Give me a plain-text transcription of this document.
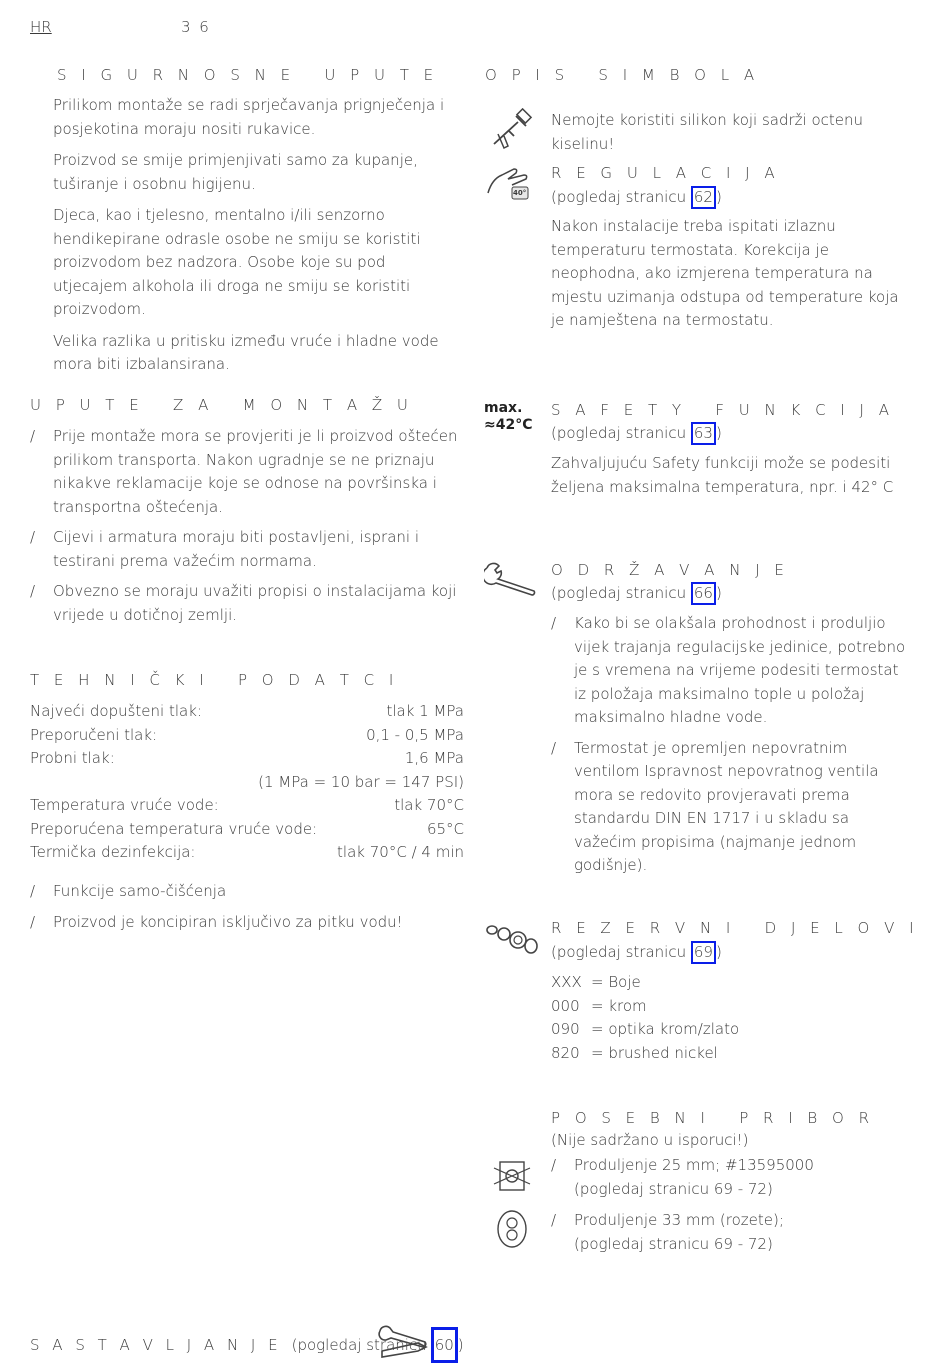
HR	3 6
S I G U R N O S N E   U P U T E

Prilikom montaže se radi sprječavanja prignječenja i posjekotina moraju nositi rukavice.

Proizvod se smije primjenjivati samo za kupanje, tuširanje i osobnu higijenu.

Djeca, kao i tjelesno, mentalno i/ili senzorno hendikepirane odrasle osobe ne smiju se koristiti proizvodom bez nadzora. Osobe koje su pod utjecajem alkohola ili droga ne smiju se koristiti proizvodom.

Velika razlika u pritisku između vruće i hladne vode mora biti izbalansirana.

U P U T E   Z A   M O N T A Ž U
/ Prije montaže mora se provjeriti je li proizvod oštećen prilikom transporta. Nakon ugradnje se ne priznaju nikakve reklamacije koje se odnose na površinska i transportna oštećenja.
/ Cijevi i armatura moraju biti postavljeni, isprani i testirani prema važećim normama.
/ Obvezno se moraju uvažiti propisi o instalacijama koji vrijede u dotičnoj zemlji.
T E H N I Č K I   P O D A T C I
Najveći dopušteni tlak:	tlak 1 MPa
Preporučeni tlak:	0,1 - 0,5 MPa
Probni tlak:	1,6 MPa
(1 MPa = 10 bar = 147 PSI)
Temperatura vruće vode:	tlak 70°C
Preporućena temperatura vruće vode:	65°C
Termička dezinfekcija:	tlak 70°C / 4 min
/ Funkcije samo-čišćenja
/ Proizvod je koncipiran isključivo za pitku vodu!
S A S T A V L J A N J E (pogledaj stranicu 60 )
O P I S   S I M B O L A

Nemojte koristiti silikon koji sadrži octenu kiselinu!

40°
R E G U L A C I J A
(pogledaj stranicu 62 )

Nakon instalacije treba ispitati izlaznu temperaturu termostata. Korekcija je neophodna, ako izmjerena temperatura na mjestu uzimanja odstupa od temperature koja je namještena na termostatu.

max.
≈42°C
S A F E T Y   F U N K C I J A
(pogledaj stranicu 63 )

Zahvaljujuću Safety funkciji može se podesiti željena maksimalna temperatura, npr. i 42° C

O D R Ž A V A N J E
(pogledaj stranicu 66 )
/ Kako bi se olakšala prohodnost i produljio vijek trajanja regulacijske jedinice, potrebno je s vremena na vrijeme podesiti termostat iz položaja maksimalno tople u položaj maksimalno hladne vode.
/ Termostat je opremljen nepovratnim ventilom Ispravnost nepovratnog ventila mora se redovito provjeravati prema standardu DIN EN 1717 i u skladu sa važećim propisima (najmanje jednom godišnje).
R E Z E R V N I   D J E L O V I
(pogledaj stranicu 69 )
XXX = Boje
000 = krom
090 = optika krom/zlato
820 = brushed nickel
P O S E B N I   P R I B O R
(Nije sadržano u isporuci!)
/ Produljenje 25 mm; #13595000
(pogledaj stranicu 69 - 72)
/ Produljenje 33 mm (rozete);
(pogledaj stranicu 69 - 72)
